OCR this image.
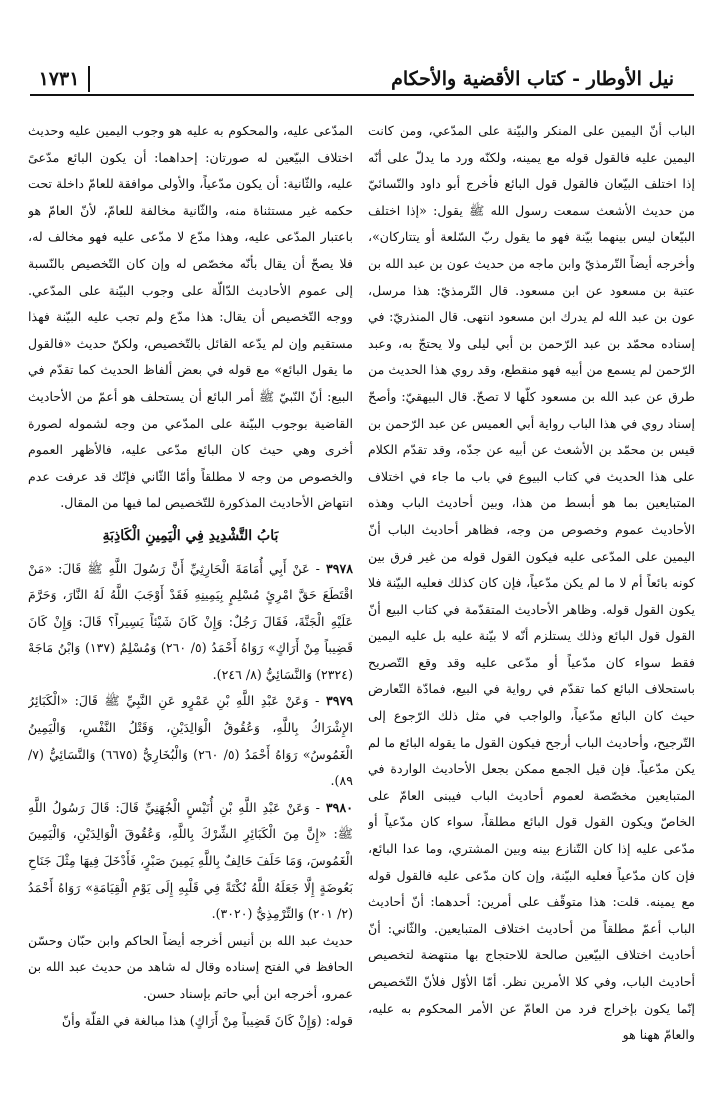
نيل الأوطار - كتاب الأقضية والأحكام
١٧٣١

الباب أنّ اليمين على المنكر والبيّنة على المدّعي، ومن كانت اليمين عليه فالقول قوله مع يمينه، ولكنّه ورد ما يدلّ على أنّه إذا اختلف البيّعان فالقول قول البائع فأخرج أبو داود والنّسائيّ من حديث الأشعث سمعت رسول الله ﷺ يقول: «إذا اختلف البيّعان ليس بينهما بيّنة فهو ما يقول ربّ السّلعة أو يتتاركان»، وأخرجه أيضاً التّرمذيّ وابن ماجه من حديث عون بن عبد الله بن عتبة بن مسعود عن ابن مسعود. قال التّرمذيّ: هذا مرسل، عون بن عبد الله لم يدرك ابن مسعود انتهى. قال المنذريّ: في إسناده محمّد بن عبد الرّحمن بن أبي ليلى ولا يحتجّ به، وعبد الرّحمن لم يسمع من أبيه فهو منقطع، وقد روي هذا الحديث من طرق عن عبد الله بن مسعود كلّها لا تصحّ. قال البيهقيّ: وأصحّ إسناد روي في هذا الباب رواية أبي العميس عن عبد الرّحمن بن قيس بن محمّد بن الأشعث عن أبيه عن جدّه، وقد تقدّم الكلام على هذا الحديث في كتاب البيوع في باب ما جاء في اختلاف المتبايعين بما هو أبسط من هذا، وبين أحاديث الباب وهذه الأحاديث عموم وخصوص من وجه، فظاهر أحاديث الباب أنّ اليمين على المدّعى عليه فيكون القول قوله من غير فرق بين كونه بائعاً أم لا ما لم يكن مدّعياً، فإن كان كذلك فعليه البيّنة فلا يكون القول قوله. وظاهر الأحاديث المتقدّمة في كتاب البيع أنّ القول قول البائع وذلك يستلزم أنّه لا بيّنة عليه بل عليه اليمين فقط سواء كان مدّعياً أو مدّعى عليه وقد وقع التّصريح باستحلاف البائع كما تقدّم في رواية في البيع، فمادّة التّعارض حيث كان البائع مدّعياً، والواجب في مثل ذلك الرّجوع إلى التّرجيح، وأحاديث الباب أرجح فيكون القول ما يقوله البائع ما لم يكن مدّعياً. فإن قيل الجمع ممكن بجعل الأحاديث الواردة في المتبايعين مخصّصة لعموم أحاديث الباب فيبنى العامّ على الخاصّ ويكون القول قول البائع مطلقاً، سواء كان مدّعياً أو مدّعى عليه إذا كان التّنازع بينه وبين المشتري، وما عدا البائع، فإن كان مدّعياً فعليه البيّنة، وإن كان مدّعى عليه فالقول قوله مع يمينه. قلت: هذا متوقّف على أمرين: أحدهما: أنّ أحاديث الباب أعمّ مطلقاً من أحاديث اختلاف المتبايعين. والثّاني: أنّ أحاديث اختلاف البيّعين صالحة للاحتجاج بها منتهضة لتخصيص أحاديث الباب، وفي كلا الأمرين نظر. أمّا الأوّل فلأنّ التّخصيص إنّما يكون بإخراج فرد من العامّ عن الأمر المحكوم به عليه، والعامّ ههنا هو

المدّعى عليه، والمحكوم به عليه هو وجوب اليمين عليه وحديث اختلاف البيّعين له صورتان: إحداهما: أن يكون البائع مدّعىً عليه، والثّانية: أن يكون مدّعياً، والأولى موافقة للعامّ داخلة تحت حكمه غير مستثناة منه، والثّانية مخالفة للعامّ، لأنّ العامّ هو باعتبار المدّعى عليه، وهذا مدّع لا مدّعى عليه فهو مخالف له، فلا يصحّ أن يقال بأنّه مخصّص له وإن كان التّخصيص بالنّسبة إلى عموم الأحاديث الدّالّة على وجوب البيّنة على المدّعي. ووجه التّخصيص أن يقال: هذا مدّع ولم تجب عليه البيّنة فهذا مستقيم وإن لم يدّعه القائل بالتّخصيص، ولكنّ حديث «فالقول ما يقول البائع» مع قوله في بعض ألفاظ الحديث كما تقدّم في البيع: أنّ النّبيّ ﷺ أمر البائع أن يستحلف هو أعمّ من الأحاديث القاضية بوجوب البيّنة على المدّعي من وجه لشموله لصورة أخرى وهي حيث كان البائع مدّعى عليه، فالأظهر العموم والخصوص من وجه لا مطلقاً وأمّا الثّاني فإنّك قد عرفت عدم انتهاض الأحاديث المذكورة للتّخصيص لما فيها من المقال.

بَابُ التَّشْدِيدِ فِي الْيَمِينِ الْكَاذِبَةِ

٣٩٧٨ - عَنْ أَبِي أُمَامَةَ الْحَارِثِيِّ أَنَّ رَسُولَ اللَّهِ ﷺ قَالَ: «مَنْ اقْتَطَعَ حَقَّ امْرِئٍ مُسْلِمٍ بِيَمِينِهِ فَقَدْ أَوْجَبَ اللَّهُ لَهُ النَّارَ، وَحَرَّمَ عَلَيْهِ الْجَنَّةَ، فَقَالَ رَجُلٌ: وَإِنْ كَانَ شَيْئاً يَسِيراً؟ قَالَ: وَإِنْ كَانَ قَضِيباً مِنْ أَرَاكٍ» رَوَاهُ أَحْمَدُ (٥/ ٢٦٠) وَمُسْلِمٌ (١٣٧) وَابْنُ مَاجَهْ (٢٣٢٤) وَالنَّسَائِيُّ (٨/ ٢٤٦).

٣٩٧٩ - وَعَنْ عَبْدِ اللَّهِ بْنِ عَمْرٍو عَنِ النَّبِيِّ ﷺ قَالَ: «الْكَبَائِرُ الإِشْرَاكُ بِاللَّهِ، وَعُقُوقُ الْوَالِدَيْنِ، وَقَتْلُ النَّفْسِ، وَالْيَمِينُ الْغَمُوسُ» رَوَاهُ أَحْمَدُ (٥/ ٢٦٠) وَالْبُخَارِيُّ (٦٦٧٥) وَالنَّسَائِيُّ (٧/ ٨٩).

٣٩٨٠ - وَعَنْ عَبْدِ اللَّهِ بْنِ أُنَيْسٍ الْجُهَنِيِّ قَالَ: قَالَ رَسُولُ اللَّهِ ﷺ: «إِنَّ مِنَ الْكَبَائِرِ الشِّرْكَ بِاللَّهِ، وَعُقُوقَ الْوَالِدَيْنِ، وَالْيَمِينَ الْغَمُوسَ، وَمَا حَلَفَ حَالِفٌ بِاللَّهِ يَمِينَ صَبْرٍ، فَأَدْخَلَ فِيهَا مِثْلَ جَنَاحِ بَعُوضَةٍ إِلَّا جَعَلَهُ اللَّهُ نُكْتَةً فِي قَلْبِهِ إِلَى يَوْمِ الْقِيَامَةِ» رَوَاهُ أَحْمَدُ (٢/ ٢٠١) وَالتِّرْمِذِيُّ (٣٠٢٠).

حديث عبد الله بن أنيس أخرجه أيضاً الحاكم وابن حبّان وحسّن الحافظ في الفتح إسناده وقال له شاهد من حديث عبد الله بن عمرو، أخرجه ابن أبي حاتم بإسناد حسن.

قوله: (وَإِنْ كَانَ قَضِيباً مِنْ أَرَاكٍ) هذا مبالغة في القلّة وأنّ
